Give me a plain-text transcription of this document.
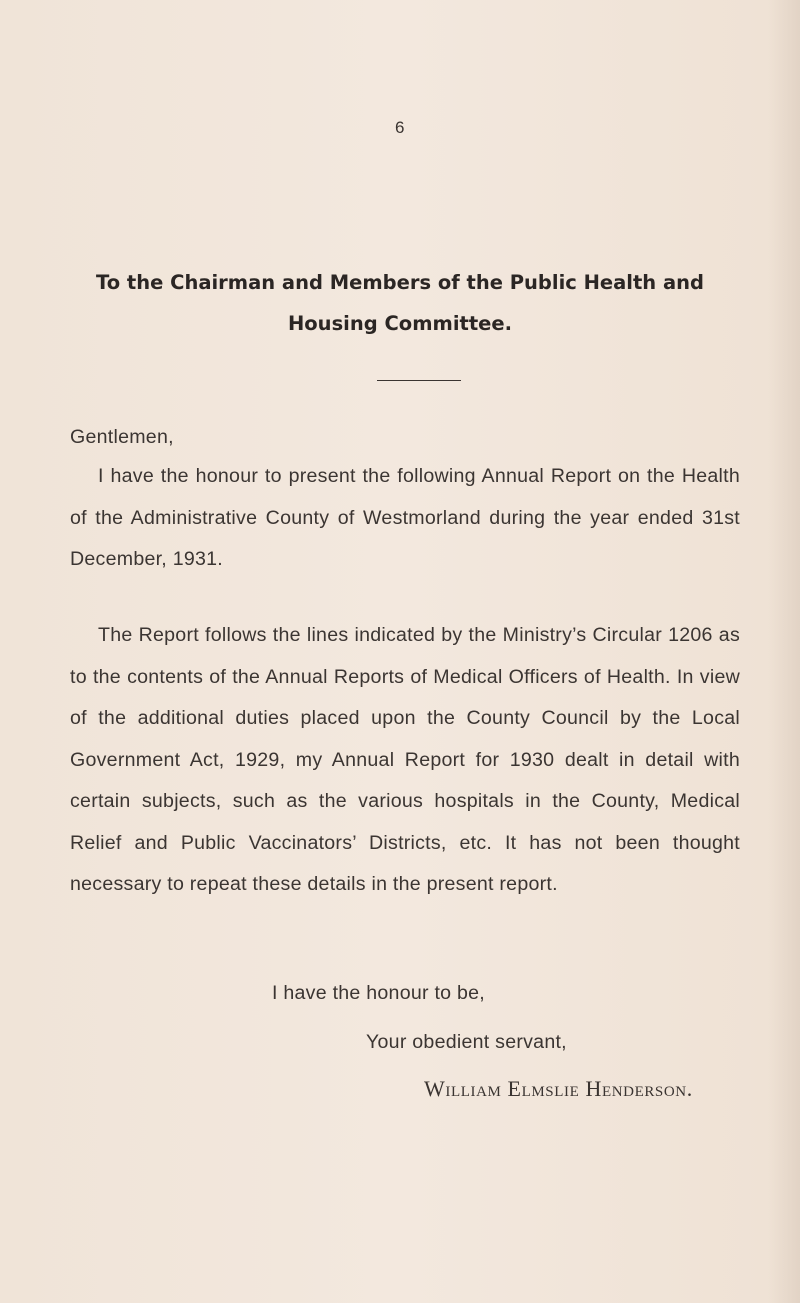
6
To the Chairman and Members of the Public Health and
Housing Committee.
Gentlemen,
I have the honour to present the following Annual Report on the Health of the Administrative County of Westmorland during the year ended 31st December, 1931.
The Report follows the lines indicated by the Ministry’s Circular 1206 as to the contents of the Annual Reports of Medical Officers of Health. In view of the additional duties placed upon the County Council by the Local Government Act, 1929, my Annual Report for 1930 dealt in detail with certain subjects, such as the various hospitals in the County, Medical Relief and Public Vaccinators’ Districts, etc. It has not been thought necessary to repeat these details in the present report.
I have the honour to be,
Your obedient servant,
William Elmslie Henderson.
